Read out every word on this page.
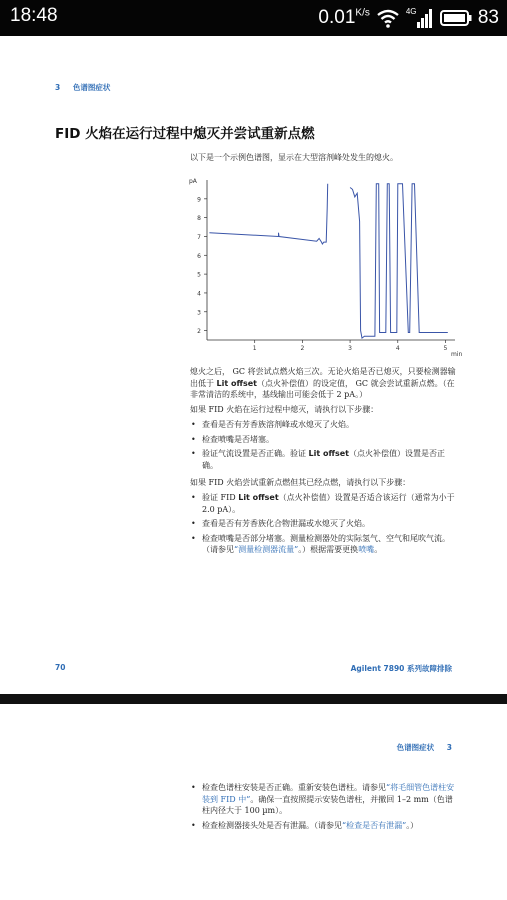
18:48	$0.01^{K/s}$	4G	83
3 色谱图症状
FID 火焰在运行过程中熄灭并尝试重新点燃
以下是一个示例色谱图，显示在大型溶剂峰处发生的熄火。
2
3
4
5
6
7
8
9
1	2	3	4	5
pA
min
熄火之后， GC 将尝试点燃火焰三次。无论火焰是否已熄灭，只要检测器输出低于 Lit offset（点火补偿值）的设定值， GC 就会尝试重新点燃。（在非常清洁的系统中，基线输出可能会低于 2 pA。）
如果 FID 火焰在运行过程中熄灭，请执行以下步骤：
• 查看是否有芳香族溶剂峰或水熄灭了火焰。
• 检查喷嘴是否堵塞。
• 验证气流设置是否正确。验证 Lit offset（点火补偿值）设置是否正确。
如果 FID 火焰尝试重新点燃但其已经点燃，请执行以下步骤：
• 验证 FID Lit offset（点火补偿值）设置是否适合该运行（通常为小于 2.0 pA）。
• 查看是否有芳香族化合物泄漏或水熄灭了火焰。
• 检查喷嘴是否部分堵塞。测量检测器处的实际氢气、空气和尾吹气流。（请参见“测量检测器流量”。）根据需要更换喷嘴。
70	Agilent 7890 系列故障排除
色谱图症状 3
• 检查色谱柱安装是否正确。重新安装色谱柱。请参见“将毛细管色谱柱安装到 FID 中”。确保一直按照提示安装色谱柱，并撤回 1–2 mm（色谱柱内径大于 100 µm）。
• 检查检测器接头处是否有泄漏。（请参见“检查是否有泄漏”。）
